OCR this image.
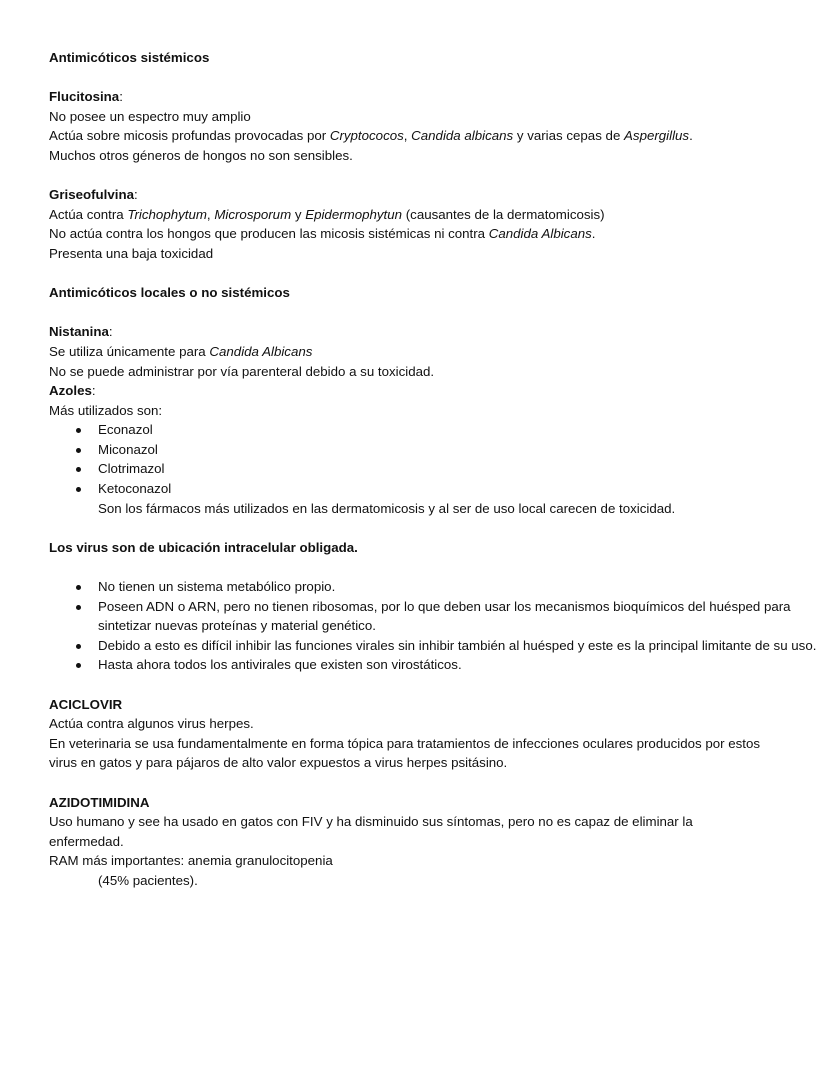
Antimicóticos sistémicos
Flucitosina:
No posee un espectro muy amplio
Actúa sobre micosis profundas provocadas por Cryptococos, Candida albicans y varias cepas de Aspergillus.
Muchos otros géneros de hongos no son sensibles.
Griseofulvina:
Actúa contra Trichophytum, Microsporum y Epidermophytun (causantes de la dermatomicosis)
No actúa contra los hongos que producen las micosis sistémicas ni contra Candida Albicans.
Presenta una baja toxicidad
Antimicóticos locales o no sistémicos
Nistanina:
Se utiliza únicamente para Candida Albicans
No se puede administrar por vía parenteral debido a su toxicidad.
Azoles:
Más utilizados son:
Econazol
Miconazol
Clotrimazol
Ketoconazol
Son los fármacos más utilizados en las dermatomicosis y al ser de uso local carecen de toxicidad.
Los virus son de ubicación intracelular obligada.
No tienen un sistema metabólico propio.
Poseen ADN o ARN, pero no tienen ribosomas, por lo que deben usar los mecanismos bioquímicos del huésped para sintetizar nuevas proteínas y material genético.
Debido a esto es difícil inhibir las funciones virales sin inhibir también al huésped y este es la principal limitante de su uso.
Hasta ahora todos los antivirales que existen son virostáticos.
ACICLOVIR
Actúa contra algunos virus herpes.
En veterinaria se usa fundamentalmente en forma tópica para tratamientos de infecciones oculares producidos por estos virus en gatos y para pájaros de alto valor expuestos a virus herpes psitásino.
AZIDOTIMIDINA
Uso humano y see ha usado en gatos con FIV y ha disminuido sus síntomas, pero no es capaz de eliminar la enfermedad.
RAM más importantes: anemia granulocitopenia
(45% pacientes).
